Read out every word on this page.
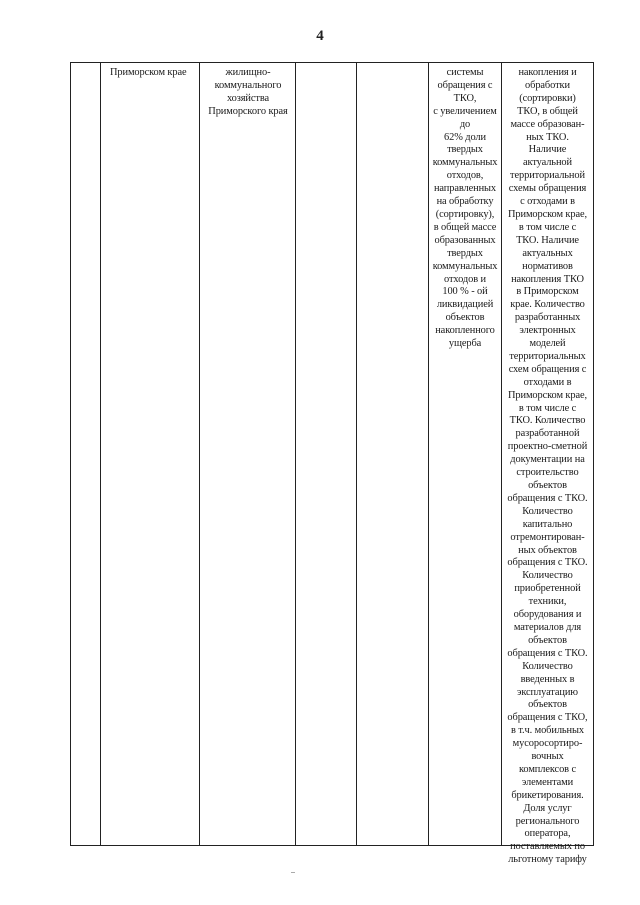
4
Приморском крае	жилищно-
коммунального
хозяйства
Приморского края
системы
обращения с
ТКО,
с увеличением
до
62% доли
твердых
коммунальных
отходов,
направленных
на обработку
(сортировку),
в общей массе
образованных
твердых
коммунальных
отходов и
100 % - ой
ликвидацией
объектов
накопленного
ущерба
накопления и
обработки
(сортировки)
ТКО, в общей
массе образован-
ных ТКО.
Наличие
актуальной
территориальной
схемы обращения
с отходами в
Приморском крае,
в том числе с
ТКО. Наличие
актуальных
нормативов
накопления ТКО
в Приморском
крае. Количество
разработанных
электронных
моделей
территориальных
схем обращения с
отходами в
Приморском крае,
в том числе с
ТКО. Количество
разработанной
проектно-сметной
документации на
строительство
объектов
обращения с ТКО.
Количество
капитально
отремонтирован-
ных объектов
обращения с ТКО.
Количество
приобретенной
техники,
оборудования и
материалов для
объектов
обращения с ТКО.
Количество
введенных в
эксплуатацию
объектов
обращения с ТКО,
в т.ч. мобильных
мусоросортиро-
вочных
комплексов с
элементами
брикетирования.
Доля услуг
регионального
оператора,
поставляемых по
льготному тарифу
